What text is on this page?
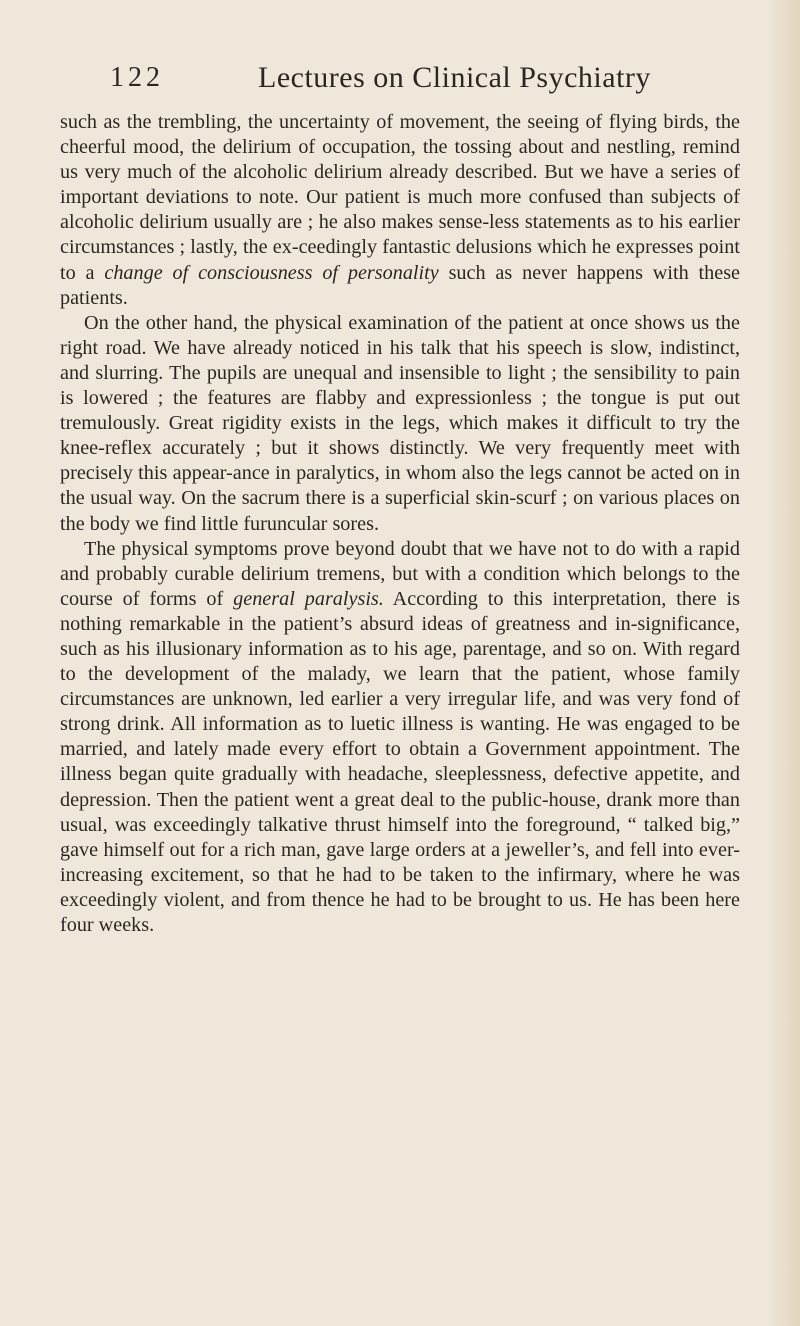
122	Lectures on Clinical Psychiatry

such as the trembling, the uncertainty of movement, the seeing of flying birds, the cheerful mood, the delirium of occupation, the tossing about and nestling, remind us very much of the alcoholic delirium already described. But we have a series of important deviations to note. Our patient is much more confused than subjects of alcoholic delirium usually are ; he also makes sense-less statements as to his earlier circumstances ; lastly, the ex-ceedingly fantastic delusions which he expresses point to a change of consciousness of personality such as never happens with these patients.

On the other hand, the physical examination of the patient at once shows us the right road. We have already noticed in his talk that his speech is slow, indistinct, and slurring. The pupils are unequal and insensible to light ; the sensibility to pain is lowered ; the features are flabby and expressionless ; the tongue is put out tremulously. Great rigidity exists in the legs, which makes it difficult to try the knee-reflex accurately ; but it shows distinctly. We very frequently meet with precisely this appear-ance in paralytics, in whom also the legs cannot be acted on in the usual way. On the sacrum there is a superficial skin-scurf ; on various places on the body we find little furuncular sores.

The physical symptoms prove beyond doubt that we have not to do with a rapid and probably curable delirium tremens, but with a condition which belongs to the course of forms of general paralysis. According to this interpretation, there is nothing remarkable in the patient’s absurd ideas of greatness and in-significance, such as his illusionary information as to his age, parentage, and so on. With regard to the development of the malady, we learn that the patient, whose family circumstances are unknown, led earlier a very irregular life, and was very fond of strong drink. All information as to luetic illness is wanting. He was engaged to be married, and lately made every effort to obtain a Government appointment. The illness began quite gradually with headache, sleeplessness, defective appetite, and depression. Then the patient went a great deal to the public-house, drank more than usual, was exceedingly talkative thrust himself into the foreground, “ talked big,” gave himself out for a rich man, gave large orders at a jeweller’s, and fell into ever-increasing excitement, so that he had to be taken to the infirmary, where he was exceedingly violent, and from thence he had to be brought to us. He has been here four weeks.
